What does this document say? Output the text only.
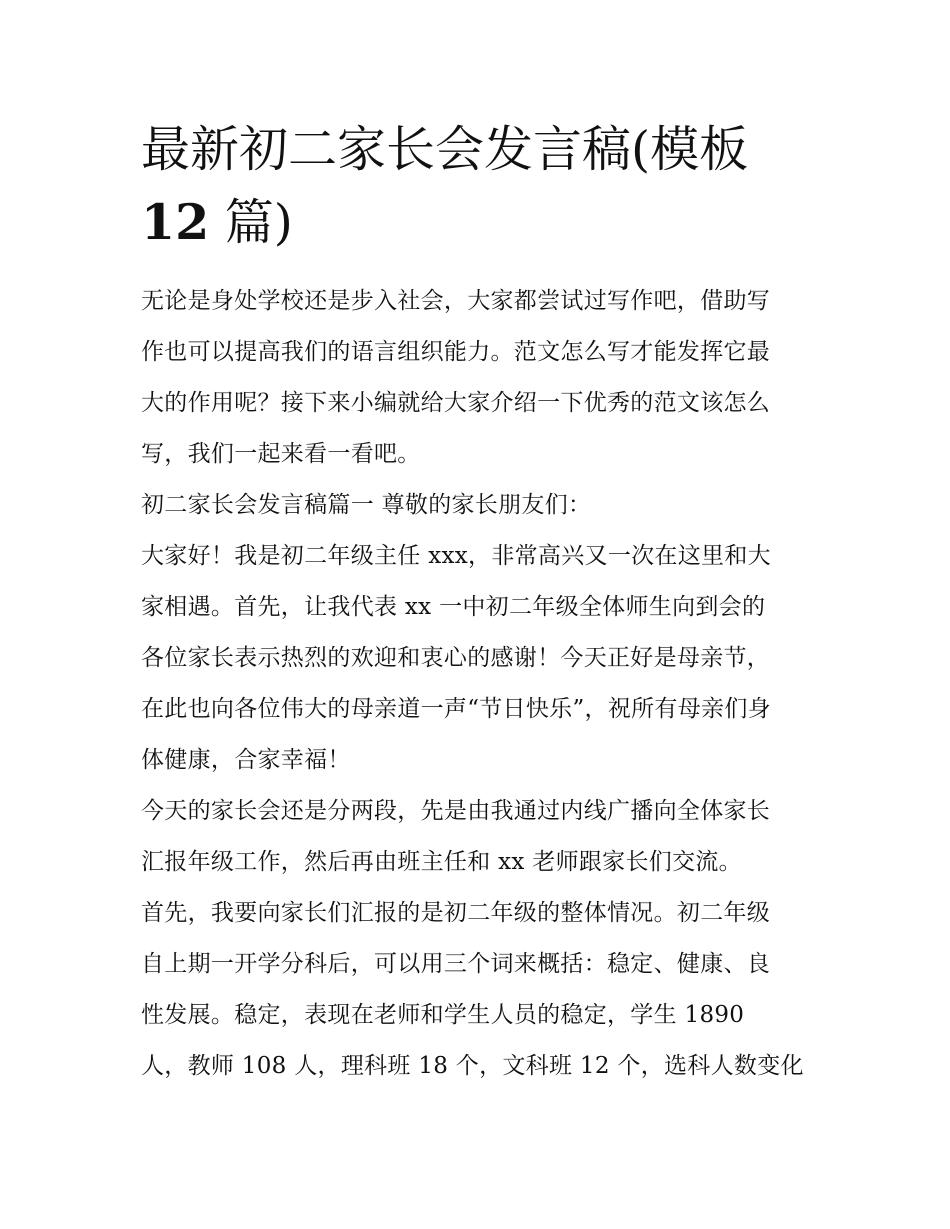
最新初二家长会发言稿(模板
12 篇)

无论是身处学校还是步入社会，大家都尝试过写作吧，借助写
作也可以提高我们的语言组织能力。范文怎么写才能发挥它最
大的作用呢？接下来小编就给大家介绍一下优秀的范文该怎么
写，我们一起来看一看吧。

初二家长会发言稿篇一 尊敬的家长朋友们：

大家好！我是初二年级主任 xxx，非常高兴又一次在这里和大
家相遇。首先，让我代表 xx 一中初二年级全体师生向到会的
各位家长表示热烈的欢迎和衷心的感谢！今天正好是母亲节，
在此也向各位伟大的母亲道一声“节日快乐”，祝所有母亲们身
体健康，合家幸福！

今天的家长会还是分两段，先是由我通过内线广播向全体家长
汇报年级工作，然后再由班主任和 xx 老师跟家长们交流。

首先，我要向家长们汇报的是初二年级的整体情况。初二年级
自上期一开学分科后，可以用三个词来概括：稳定、健康、良
性发展。稳定，表现在老师和学生人员的稳定，学生 1890
人，教师 108 人，理科班 18 个，文科班 12 个，选科人数变化
